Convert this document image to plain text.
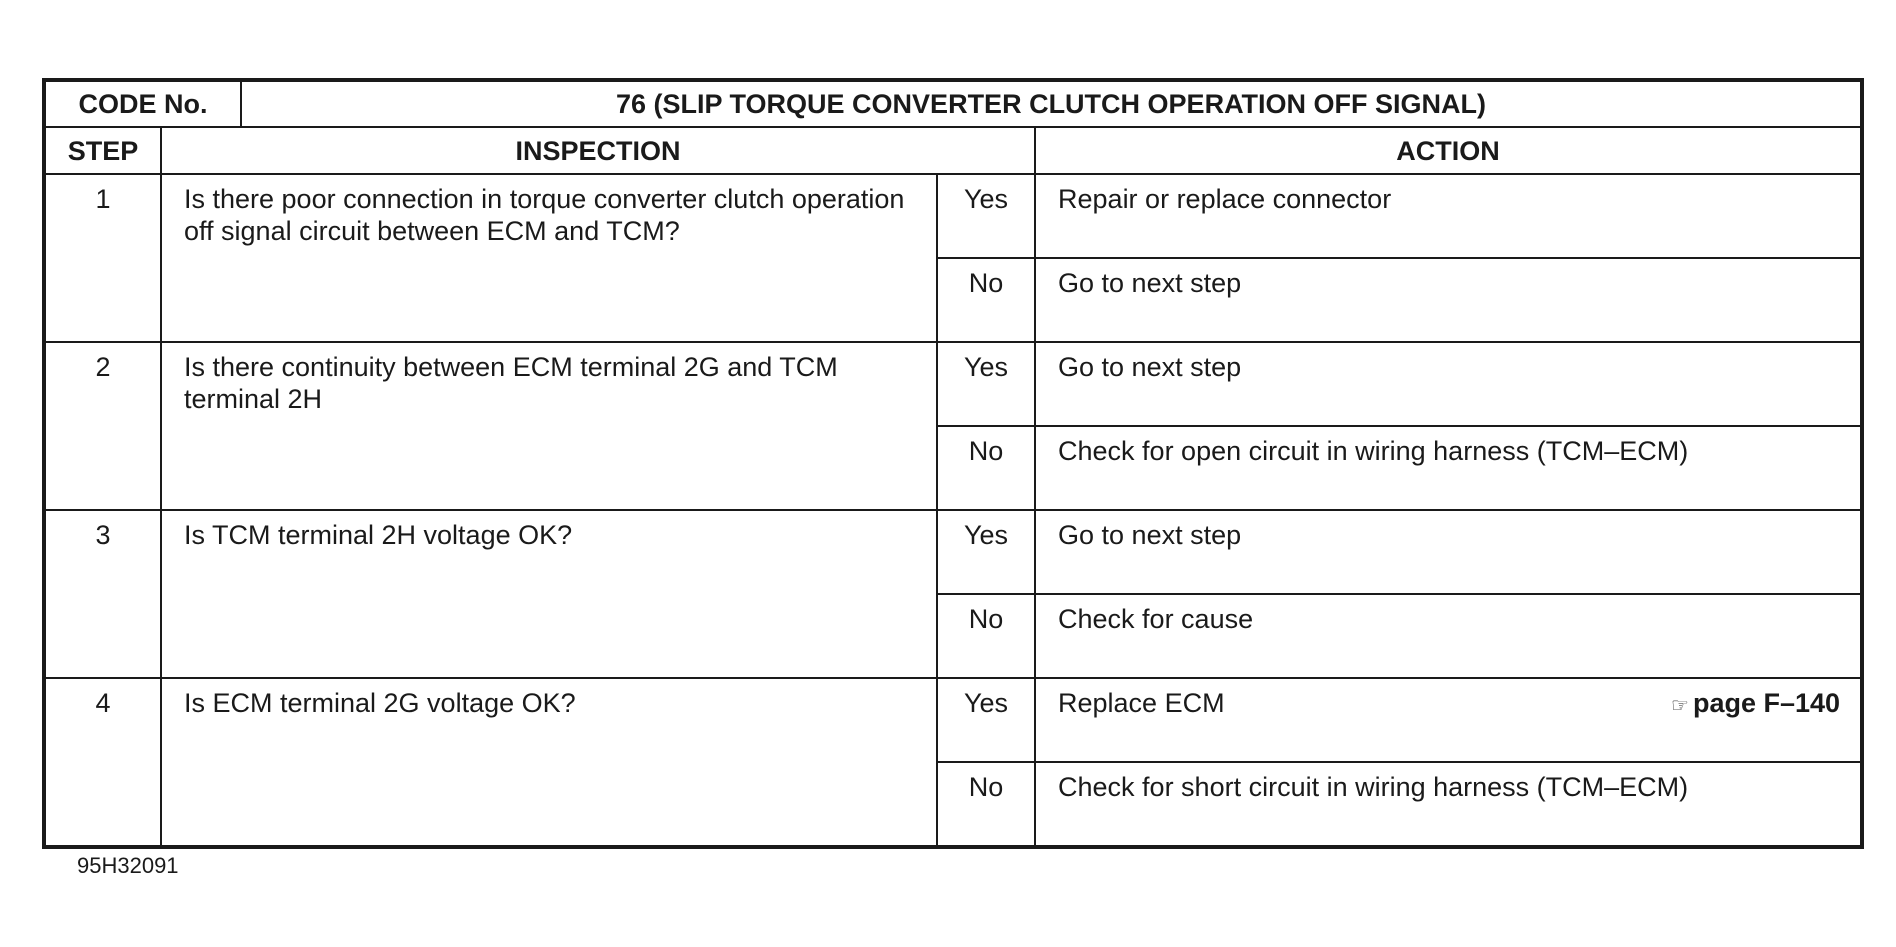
CODE No.		76 (SLIP TORQUE CONVERTER CLUTCH OPERATION OFF SIGNAL)		
STEP	INSPECTION			ACTION
1	Is there poor connection in torque converter clutch operation off signal circuit between ECM and TCM?		Yes	Repair or replace connector
			No	Go to next step
2	Is there continuity between ECM terminal 2G and TCM terminal 2H		Yes	Go to next step
			No	Check for open circuit in wiring harness (TCM–ECM)
3	Is TCM terminal 2H voltage OK?		Yes	Go to next step
			No	Check for cause
4	Is ECM terminal 2G voltage OK?		Yes	Replace ECM ☞ page F–140

			No	Check for short circuit in wiring harness (TCM–ECM)
95H32091
